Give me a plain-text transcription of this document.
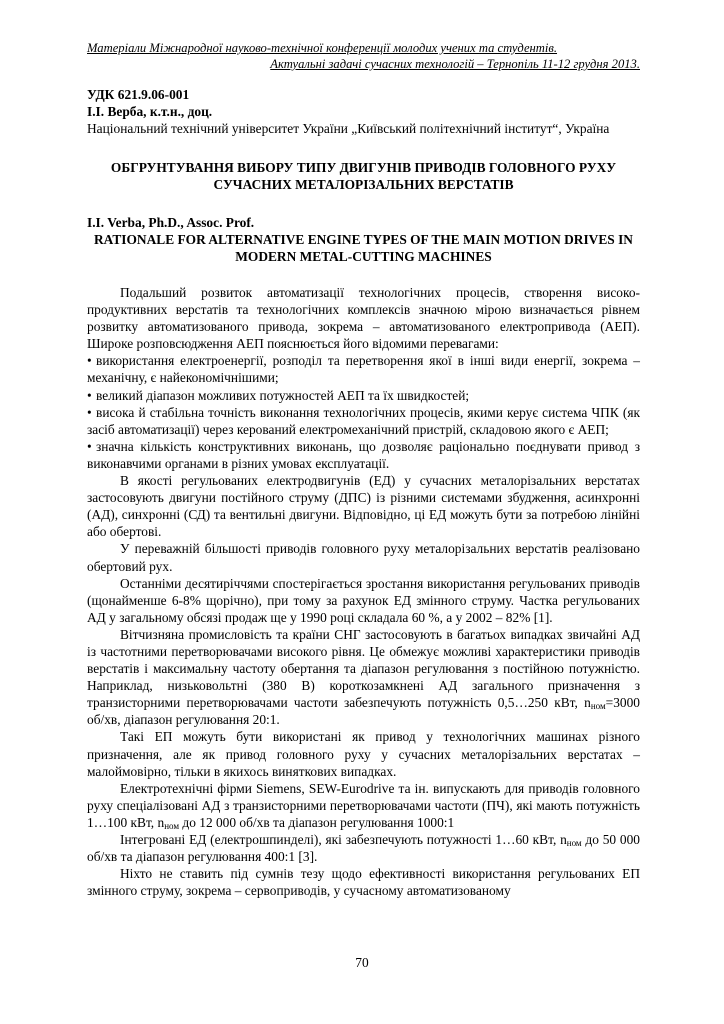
Матеріали Міжнародної науково-технічної конференції молодих учених та студентів.
Актуальні задачі сучасних технологій – Тернопіль 11-12 грудня 2013.
УДК 621.9.06-001
І.І. Верба, к.т.н., доц.
Національний технічний університет України „Київський політехнічний інститут“, Україна
ОБГРУНТУВАННЯ ВИБОРУ ТИПУ ДВИГУНІВ ПРИВОДІВ ГОЛОВНОГО РУХУ СУЧАСНИХ МЕТАЛОРІЗАЛЬНИХ ВЕРСТАТІВ
I.I. Verba, Ph.D., Assoc. Prof.
RATIONALE FOR ALTERNATIVE ENGINE TYPES OF THE MAIN MOTION DRIVES IN MODERN METAL-CUTTING MACHINES

Подальший розвиток автоматизації технологічних процесів, створення високопродуктивних верстатів та технологічних комплексів значною мірою визначається рівнем розвитку автоматизованого привода, зокрема – автоматизованого електропривода (АЕП). Широке розповсюдження АЕП пояснюється його відомими перевагами:

• використання електроенергії, розподіл та перетворення якої в інші види енергії, зокрема – механічну, є найекономічнішими;
• великий діапазон можливих потужностей АЕП та їх швидкостей;
• висока й стабільна точність виконання технологічних процесів, якими керує система ЧПК (як засіб автоматизації) через керований електромеханічний пристрій, складовою якого є АЕП;
• значна кількість конструктивних виконань, що дозволяє раціонально поєднувати привод з виконавчими органами в різних умовах експлуатації.

В якості регульованих електродвигунів (ЕД) у сучасних металорізальних верстатах застосовують двигуни постійного струму (ДПС) із різними системами збудження, асинхронні (АД), синхронні (СД) та вентильні двигуни. Відповідно, ці ЕД можуть бути за потребою лінійні або обертові.

У переважній більшості приводів головного руху металорізальних верстатів реалізовано обертовий рух.

Останніми десятиріччями спостерігається зростання використання регульованих приводів (щонайменше 6-8% щорічно), при тому за рахунок ЕД змінного струму. Частка регульованих АД у загальному обсязі продаж ще у 1990 році складала 60 %, а у 2002 – 82% [1].

Вітчизняна промисловість та країни СНГ застосовують в багатьох випадках звичайні АД із частотними перетворювачами високого рівня. Це обмежує можливі характеристики приводів верстатів і максимальну частоту обертання та діапазон регулювання з постійною потужністю. Наприклад, низьковольтні (380 В) короткозамкнені АД загального призначення з транзисторними перетворювачами частоти забезпечують потужність 0,5…250 кВт, $n_{ном}=3000$ об/хв, діапазон регулювання 20:1.

Такі ЕП можуть бути використані як привод у технологічних машинах різного призначення, але як привод головного руху у сучасних металорізальних верстатах – малоймовірно, тільки в якихось виняткових випадках.

Електротехнічні фірми Siemens, SEW-Eurodrive та ін. випускають для приводів головного руху спеціалізовані АД з транзисторними перетворювачами частоти (ПЧ), які мають потужність 1…100 кВт, $n_{ном}$ до 12 000 об/хв та діапазон регулювання 1000:1

Інтегровані ЕД (електрошпинделі), які забезпечують потужності 1…60 кВт, $n_{ном}$ до 50 000 об/хв та діапазон регулювання 400:1 [3].

Ніхто не ставить під сумнів тезу щодо ефективності використання регульованих ЕП змінного струму, зокрема – сервоприводів, у сучасному автоматизованому

70
